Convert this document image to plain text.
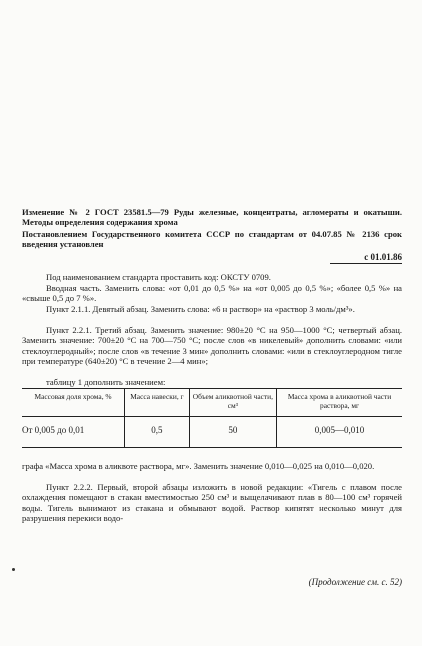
Изменение № 2 ГОСТ 23581.5—79 Руды железные, концентраты, агломераты и окатыши. Методы определения содержания хрома
Постановлением Государственного комитета СССР по стандартам от 04.07.85 № 2136 срок введения установлен
с 01.01.86
Под наименованием стандарта проставить код: ОКСТУ 0709.
Вводная часть. Заменить слова: «от 0,01 до 0,5 %» на «от 0,005 до 0,5 %»; «более 0,5 %» на «свыше 0,5 до 7 %».
Пункт 2.1.1. Девятый абзац. Заменить слова: «6 н раствор» на «раствор 3 моль/дм³».
Пункт 2.2.1. Третий абзац. Заменить значение: 980±20 °С на 950—1000 °С; четвертый абзац. Заменить значение: 700±20 °С на 700—750 °С; после слов «в никелевый» дополнить словами: «или стеклоуглеродный»; после слов «в течение 3 мин» дополнить словами: «или в стеклоуглеродном тигле при температуре (640±20) °С в течение 2—4 мин»;
таблицу 1 дополнить значением:
Массовая доля хрома, %	Масса навески, г	Объем аликвотной части, см³	Масса хрома в аликвотной части раствора, мг
От 0,005 до 0,01	0,5	50	0,005—0,010
графа «Масса хрома в аликвоте раствора, мг». Заменить значение 0,010—0,025 на 0,010—0,020.
Пункт 2.2.2. Первый, второй абзацы изложить в новой редакции: «Тигель с плавом после охлаждения помещают в стакан вместимостью 250 см³ и выщелачивают плав в 80—100 см³ горячей воды. Тигель вынимают из стакана и обмывают водой. Раствор кипятят несколько минут для разрушения перекиси водо-
(Продолжение см. с. 52)
